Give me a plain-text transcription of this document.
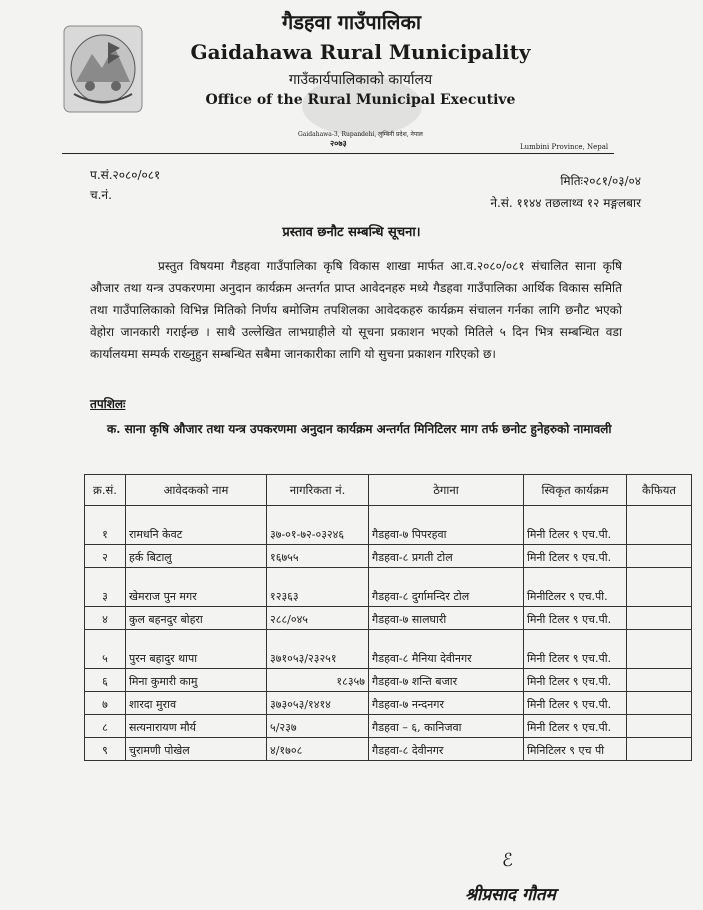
गैडहवा गाउँपालिका
Gaidahawa Rural Municipality
गाउँकार्यपालिकाको कार्यालय
Office of the Rural Municipal Executive
Gaidahawa-3, Rupandehi, लुम्बिनी प्रदेश, नेपाल
२०७३	Lumbini Province, Nepal
प.सं.२०८०/०८१
च.नं.
मितिः२०८१/०३/०४
ने.सं. ११४४ तछलाथ्व १२ मङ्गलबार
प्रस्ताव छनौट सम्बन्धि सूचना।
प्रस्तुत विषयमा गैडहवा गाउँपालिका कृषि विकास शाखा मार्फत आ.व.२०८०/०८१ संचालित साना कृषि औजार तथा यन्त्र उपकरणमा अनुदान कार्यक्रम अन्तर्गत प्राप्त आवेदनहरु मध्ये गैडहवा गाउँपालिका आर्थिक विकास समिति तथा गाउँपालिकाको विभिन्न मितिको निर्णय बमोजिम तपशिलका आवेदकहरु कार्यक्रम संचालन गर्नका लागि छनौट भएको वेहोरा जानकारी गराईन्छ । साथै उल्लेखित लाभग्राहीले यो सूचना प्रकाशन भएको मितिले ५ दिन भित्र सम्बन्धित वडा कार्यालयमा सम्पर्क राख्नुहुन सम्बन्धित सबैमा जानकारीका लागि यो सुचना प्रकाशन गरिएको छ।
तपशिलः
क. साना कृषि औजार तथा यन्त्र उपकरणमा अनुदान कार्यक्रम अन्तर्गत मिनिटिलर माग तर्फ छनोट हुनेहरुको नामावली
क्र.सं.	आवेदकको नाम	नागरिकता नं.	ठेगाना	स्विकृत कार्यक्रम	कैफियत
१	रामधनि केवट	३७-०१-७२-०३२४६	गैडहवा-७ पिपरहवा	मिनी टिलर ९ एच.पी.	
२	हर्क बिटालु	१६७५५	गैडहवा-८ प्रगती टोल	मिनी टिलर ९ एच.पी.	
३	खेमराज पुन मगर	१२३६३	गैडहवा-८ दुर्गामन्दिर टोल	मिनीटिलर ९ एच.पी.	
४	कुल बहनदुर बोहरा	२८८/०४५	गैडहवा-७ सालघारी	मिनी टिलर ९ एच.पी.	
५	पुरन बहादुर थापा	३७१०५३/२३२५१	गैडहवा-८ मैनिया देवीनगर	मिनी टिलर ९ एच.पी.	
६	मिना कुमारी कामु	१८३५७	गैडहवा-७ शन्ति बजार	मिनी टिलर ९ एच.पी.	
७	शारदा मुराव	३७३०५३/१४१४	गैडहवा-७ नन्दनगर	मिनी टिलर ९ एच.पी.	
८	सत्यनारायण मौर्य	५/२३७	गैडहवा – ६, कानिजवा	मिनी टिलर ९ एच.पी.	
९	चुरामणी पोखेल	४/१७०८	गैडहवा-८ देवीनगर	मिनिटिलर ९ एच पी	
ℰ
श्रीप्रसाद गौतम
